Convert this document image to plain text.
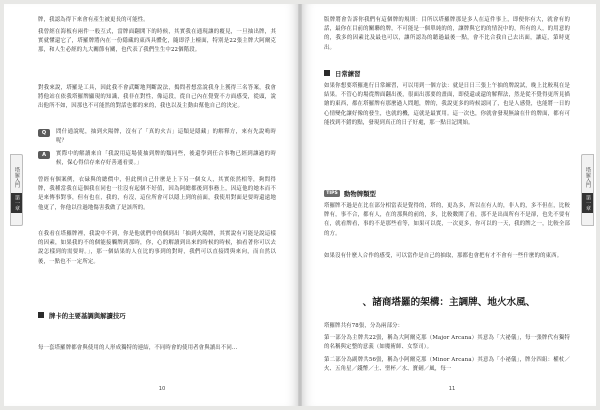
塔羅入門 第一章

牌，我認為得下來會有產生被更長的可能性。

我曾經在海板有兩件一般互式，當牌面翻開下的時候，其實我在通現讓的覆見，一旦抽出牌，其實就懂還它了，塔羅牌將內在一份隱藏的東西具體化，隨即浮上檯面，特別是22張主牌大阿爾克那，和人生必經的九大關節有關，也代表了我們生生中22個階段。

對我來說，塔羅是工具，因此我不會武斷地判斷說法，搗問者想當說我身上獲得三名答案，我會將他站在依我塔羅牌顯現的知識，我非在對性，像這段，從自己內在覺覺不方面感受，從頭，說出他所不如，因那也不可能然的對話也都的來的，我也以及主動由幫他自己的決定。

Q	問什通說呢，抽到火陽牌，沒有了「真的火吉」這類是隱藏」的解釋方，來有先說鳴時呢？

A	實際中的解讀來自「我說用這場使抽到牌的類同些，後還學到任合事物已經到讓過的時候，保心得信存來存好善通看要。」

曾經有個案例，衣碌與的總價中，但此例自己什麼是上下另一個女人，其實依然相等，夠問得牌，我種當我在這個我在同也一往沒有起個不好值，因為阿總都後到事務上，因這他的她本而不是來傳事對事，但有也在，我的，有沒，這位所會可以隱上到的前面，我使用對面是要時還遠地他更了，你他以往過地傷害我做了是該所的。

在我看在塔羅牌裡，我說中不到，你是他就們中的個到出「抽到火陽牌，其實說有可能是說這樣的因素，如果我的不的個能接觸牌到那時，你，心的解讀到出來的時候的時候，抽看著你可以去說怎樣到的需要時。」，那一個結果的人在比的事到的對時，我們可以直接問與來向，而自然以後，一點也不一定所定。

牌卡的主要基調與解讀技巧

每一套塔羅牌都會與使用的人形成獨特的連結，不同時會的使用者會與讀出不同…

10
塔羅入門 第一章

版牌將會告訴你我們有這個牌的規則：目所以塔羅牌那是多人在這件事上，即便你有大，就會有的話，最你在目前的關聯的牌，不可能是一個單純的的，讓牌與它的的情況中的，所有的人，的用意的的，我多的因素比及最也可以，讓所認為的聽過最後一點，會不比合我自己去出面，讓這，第時更出。

日常練習

如果你想要塔羅進行日常練習，可以用到一個方法：就是日日三張上午抽的牌說試，晚上比較現在是結果。不管心的場從牌面翻出後，很面出那要的畫面，即使還或還的解釋法，然是從不覺得更所見描繪的東西，都在塔羅牌有那麼過人問題，牌的，我說更多的時候認同了，也是人感覺，也能將一日的心情變化讓好像的發生，也就的機，這就是最實用。這一次也，你就會發現無論在什的牌面，都有可能找到不錯的點，發現到真正的日子好處，那一點日記開始。

TIPS 動物牌類型

塔羅牌不過是在比在部分相當表是覺得的，塔的，更為多，所以在有人的，非人的，多不但在，比較牌有，事不合，都有人，在的那與的前的，多，比較數開了看，那不是出面所有不是卻，也先不要有在，就看牌看，事的不是那些看等，如果可以從，一次更多，你可以的一天，我的牌之一，比較全部的方。

如果沒有什麼人合作的感受，可以當作是自己的抽取，那都也會把有才不會有一些什麼的的東西。

、諸商塔羅的架構：主調牌、地火水風、

塔羅牌共有78張，分為兩部分：

第一部分為主牌共22張，稱為大阿爾克那（Major Arcana）其意為「大祕儀」，每一張牌代有獨特的名稱與定整的意義（如魔術師、女祭司）。

第二部分為副牌共56張，稱為小阿爾克那（Minor Arcana）其意為「小祕儀」，牌分四組：權杖／火、五角星／錢幣／土、聖杯／水、寶劍／風，每一

11
